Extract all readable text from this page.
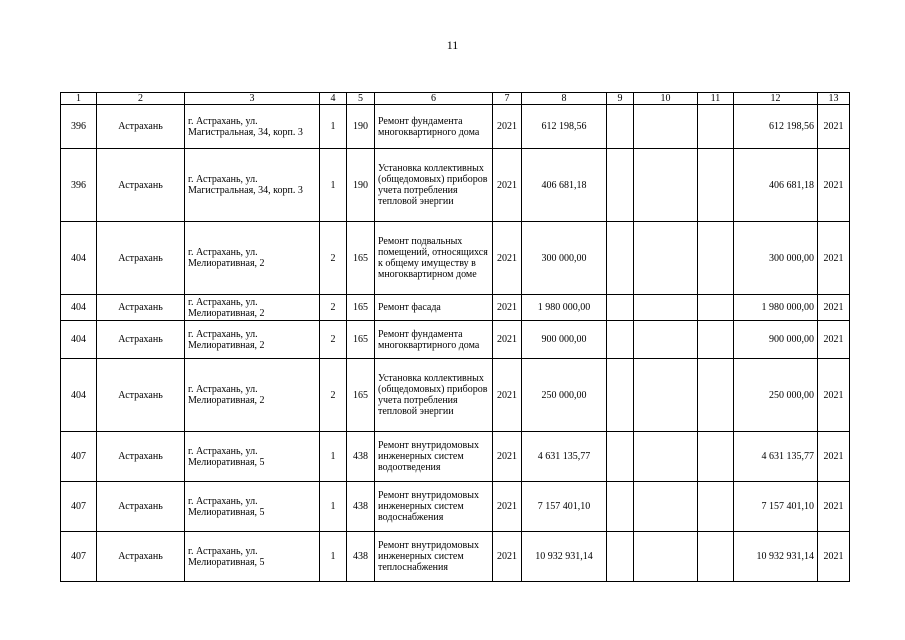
11
1	2	3	4	5	6	7	8	9	10	11	12	13
396	Астрахань	г. Астрахань, ул. Магистральная, 34, корп. 3	1	190	Ремонт фундамента многоквартирного дома	2021	612 198,56				612 198,56	2021
396	Астрахань	г. Астрахань, ул. Магистральная, 34, корп. 3	1	190	Установка коллективных (общедомовых) приборов учета потребления тепловой энергии	2021	406 681,18				406 681,18	2021
404	Астрахань	г. Астрахань, ул. Мелиоративная, 2	2	165	Ремонт подвальных помещений, относящихся к общему имуществу в многоквартирном доме	2021	300 000,00				300 000,00	2021
404	Астрахань	г. Астрахань, ул. Мелиоративная, 2	2	165	Ремонт фасада	2021	1 980 000,00				1 980 000,00	2021
404	Астрахань	г. Астрахань, ул. Мелиоративная, 2	2	165	Ремонт фундамента многоквартирного дома	2021	900 000,00				900 000,00	2021
404	Астрахань	г. Астрахань, ул. Мелиоративная, 2	2	165	Установка коллективных (общедомовых) приборов учета потребления тепловой энергии	2021	250 000,00				250 000,00	2021
407	Астрахань	г. Астрахань, ул. Мелиоративная, 5	1	438	Ремонт внутридомовых инженерных систем водоотведения	2021	4 631 135,77				4 631 135,77	2021
407	Астрахань	г. Астрахань, ул. Мелиоративная, 5	1	438	Ремонт внутридомовых инженерных систем водоснабжения	2021	7 157 401,10				7 157 401,10	2021
407	Астрахань	г. Астрахань, ул. Мелиоративная, 5	1	438	Ремонт внутридомовых инженерных систем теплоснабжения	2021	10 932 931,14				10 932 931,14	2021
